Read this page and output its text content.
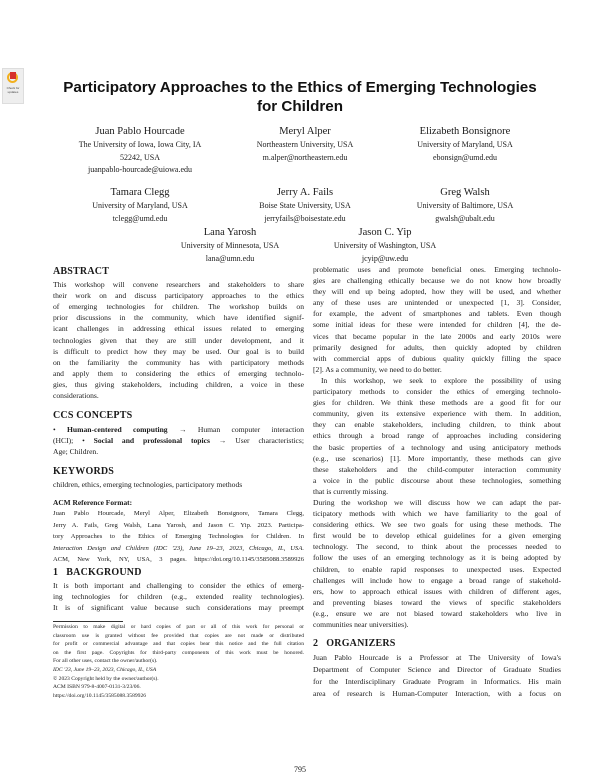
Check for updates	Participatory Approaches to the Ethics of Emerging Technologies
for Children
Juan Pablo Hourcade
The University of Iowa, Iowa City, IA
52242, USA
juanpablo-hourcade@uiowa.edu
Meryl Alper
Northeastern University, USA
m.alper@northeastern.edu
Elizabeth Bonsignore
University of Maryland, USA
ebonsign@umd.edu
Tamara Clegg
University of Maryland, USA
tclegg@umd.edu
Jerry A. Fails
Boise State University, USA
jerryfails@boisestate.edu
Greg Walsh
University of Baltimore, USA
gwalsh@ubalt.edu
Lana Yarosh
University of Minnesota, USA
lana@umn.edu
Jason C. Yip
University of Washington, USA
jcyip@uw.edu
ABSTRACT
This workshop will convene researchers and stakeholders to share
their work on and discuss participatory approaches to the ethics
of emerging technologies for children. The workshop builds on
prior discussions in the community, which have identified signif-
icant challenges in addressing ethical issues related to emerging
technologies given that they are still under development, and it
is difficult to predict how they may be used. Our goal is to build
on the familiarity the community has with participatory methods
and apply them to considering the ethics of emerging technolo-
gies, thus giving stakeholders, including children, a voice in these
considerations.
CCS CONCEPTS
• Human-centered computing → Human computer interaction
(HCI); • Social and professional topics → User characteristics;
Age; Children.
KEYWORDS
children, ethics, emerging technologies, participatory methods
ACM Reference Format:
Juan Pablo Hourcade, Meryl Alper, Elizabeth Bonsignore, Tamara Clegg,
Jerry A. Fails, Greg Walsh, Lana Yarosh, and Jason C. Yip. 2023. Participa-
tory Approaches to the Ethics of Emerging Technologies for Children. In
Interaction Design and Children (IDC '23), June 19–23, 2023, Chicago, IL, USA.
ACM, New York, NY, USA, 3 pages. https://doi.org/10.1145/3585088.3589926
1   BACKGROUND
It is both important and challenging to consider the ethics of emerg-
ing technologies for children (e.g., extended reality technologies).
It is of significant value because such considerations may preempt
Permission to make digital or hard copies of part or all of this work for personal or
classroom use is granted without fee provided that copies are not made or distributed
for profit or commercial advantage and that copies bear this notice and the full citation
on the first page. Copyrights for third-party components of this work must be honored.
For all other uses, contact the owner/author(s).
IDC '23, June 19–23, 2023, Chicago, IL, USA
© 2023 Copyright held by the owner/author(s).
ACM ISBN 979-8-4007-0131-3/23/06.
https://doi.org/10.1145/3585088.3589926
problematic uses and promote beneficial ones. Emerging technolo-
gies are challenging ethically because we do not know how broadly
they will end up being adopted, how they will be used, and whether
any of these uses are unintended or unexpected [1, 3]. Consider,
for example, the advent of smartphones and tablets. Even though
some initial ideas for these were intended for children [4], the de-
vices that became popular in the late 2000s and early 2010s were
primarily designed for adults, then quickly adopted by children
with commercial apps of dubious quality quickly filling the space
[2]. As a community, we need to do better.
In this workshop, we seek to explore the possibility of using
participatory methods to consider the ethics of emerging technolo-
gies for children. We think these methods are a good fit for our
community, given its extensive experience with them. In addition,
they can enable stakeholders, including children, to think about
ethics through a broad range of approaches including considering
the basic properties of a technology and using anticipatory methods
(e.g., use scenarios) [1]. More importantly, these methods can give
these stakeholders and the child-computer interaction community
a voice in the public discourse about these technologies, something
that is currently missing.
During the workshop we will discuss how we can adapt the par-
ticipatory methods with which we have familiarity to the goal of
considering ethics. We see two goals for using these methods. The
first would be to develop ethical guidelines for a given emerging
technology. The second, to think about the processes needed to
follow the uses of an emerging technology as it is being adopted by
children, to enable rapid responses to unexpected uses. Expected
challenges will include how to engage a broad range of stakehold-
ers, how to approach ethical issues with children of different ages,
and preventing biases toward the views of specific stakeholders
(e.g., ensure we are not biased toward stakeholders who live in
communities near universities).
2   ORGANIZERS
Juan Pablo Hourcade is a Professor at The University of Iowa's
Department of Computer Science and Director of Graduate Studies
for the Interdisciplinary Graduate Program in Informatics. His main
area of research is Human-Computer Interaction, with a focus on
795
